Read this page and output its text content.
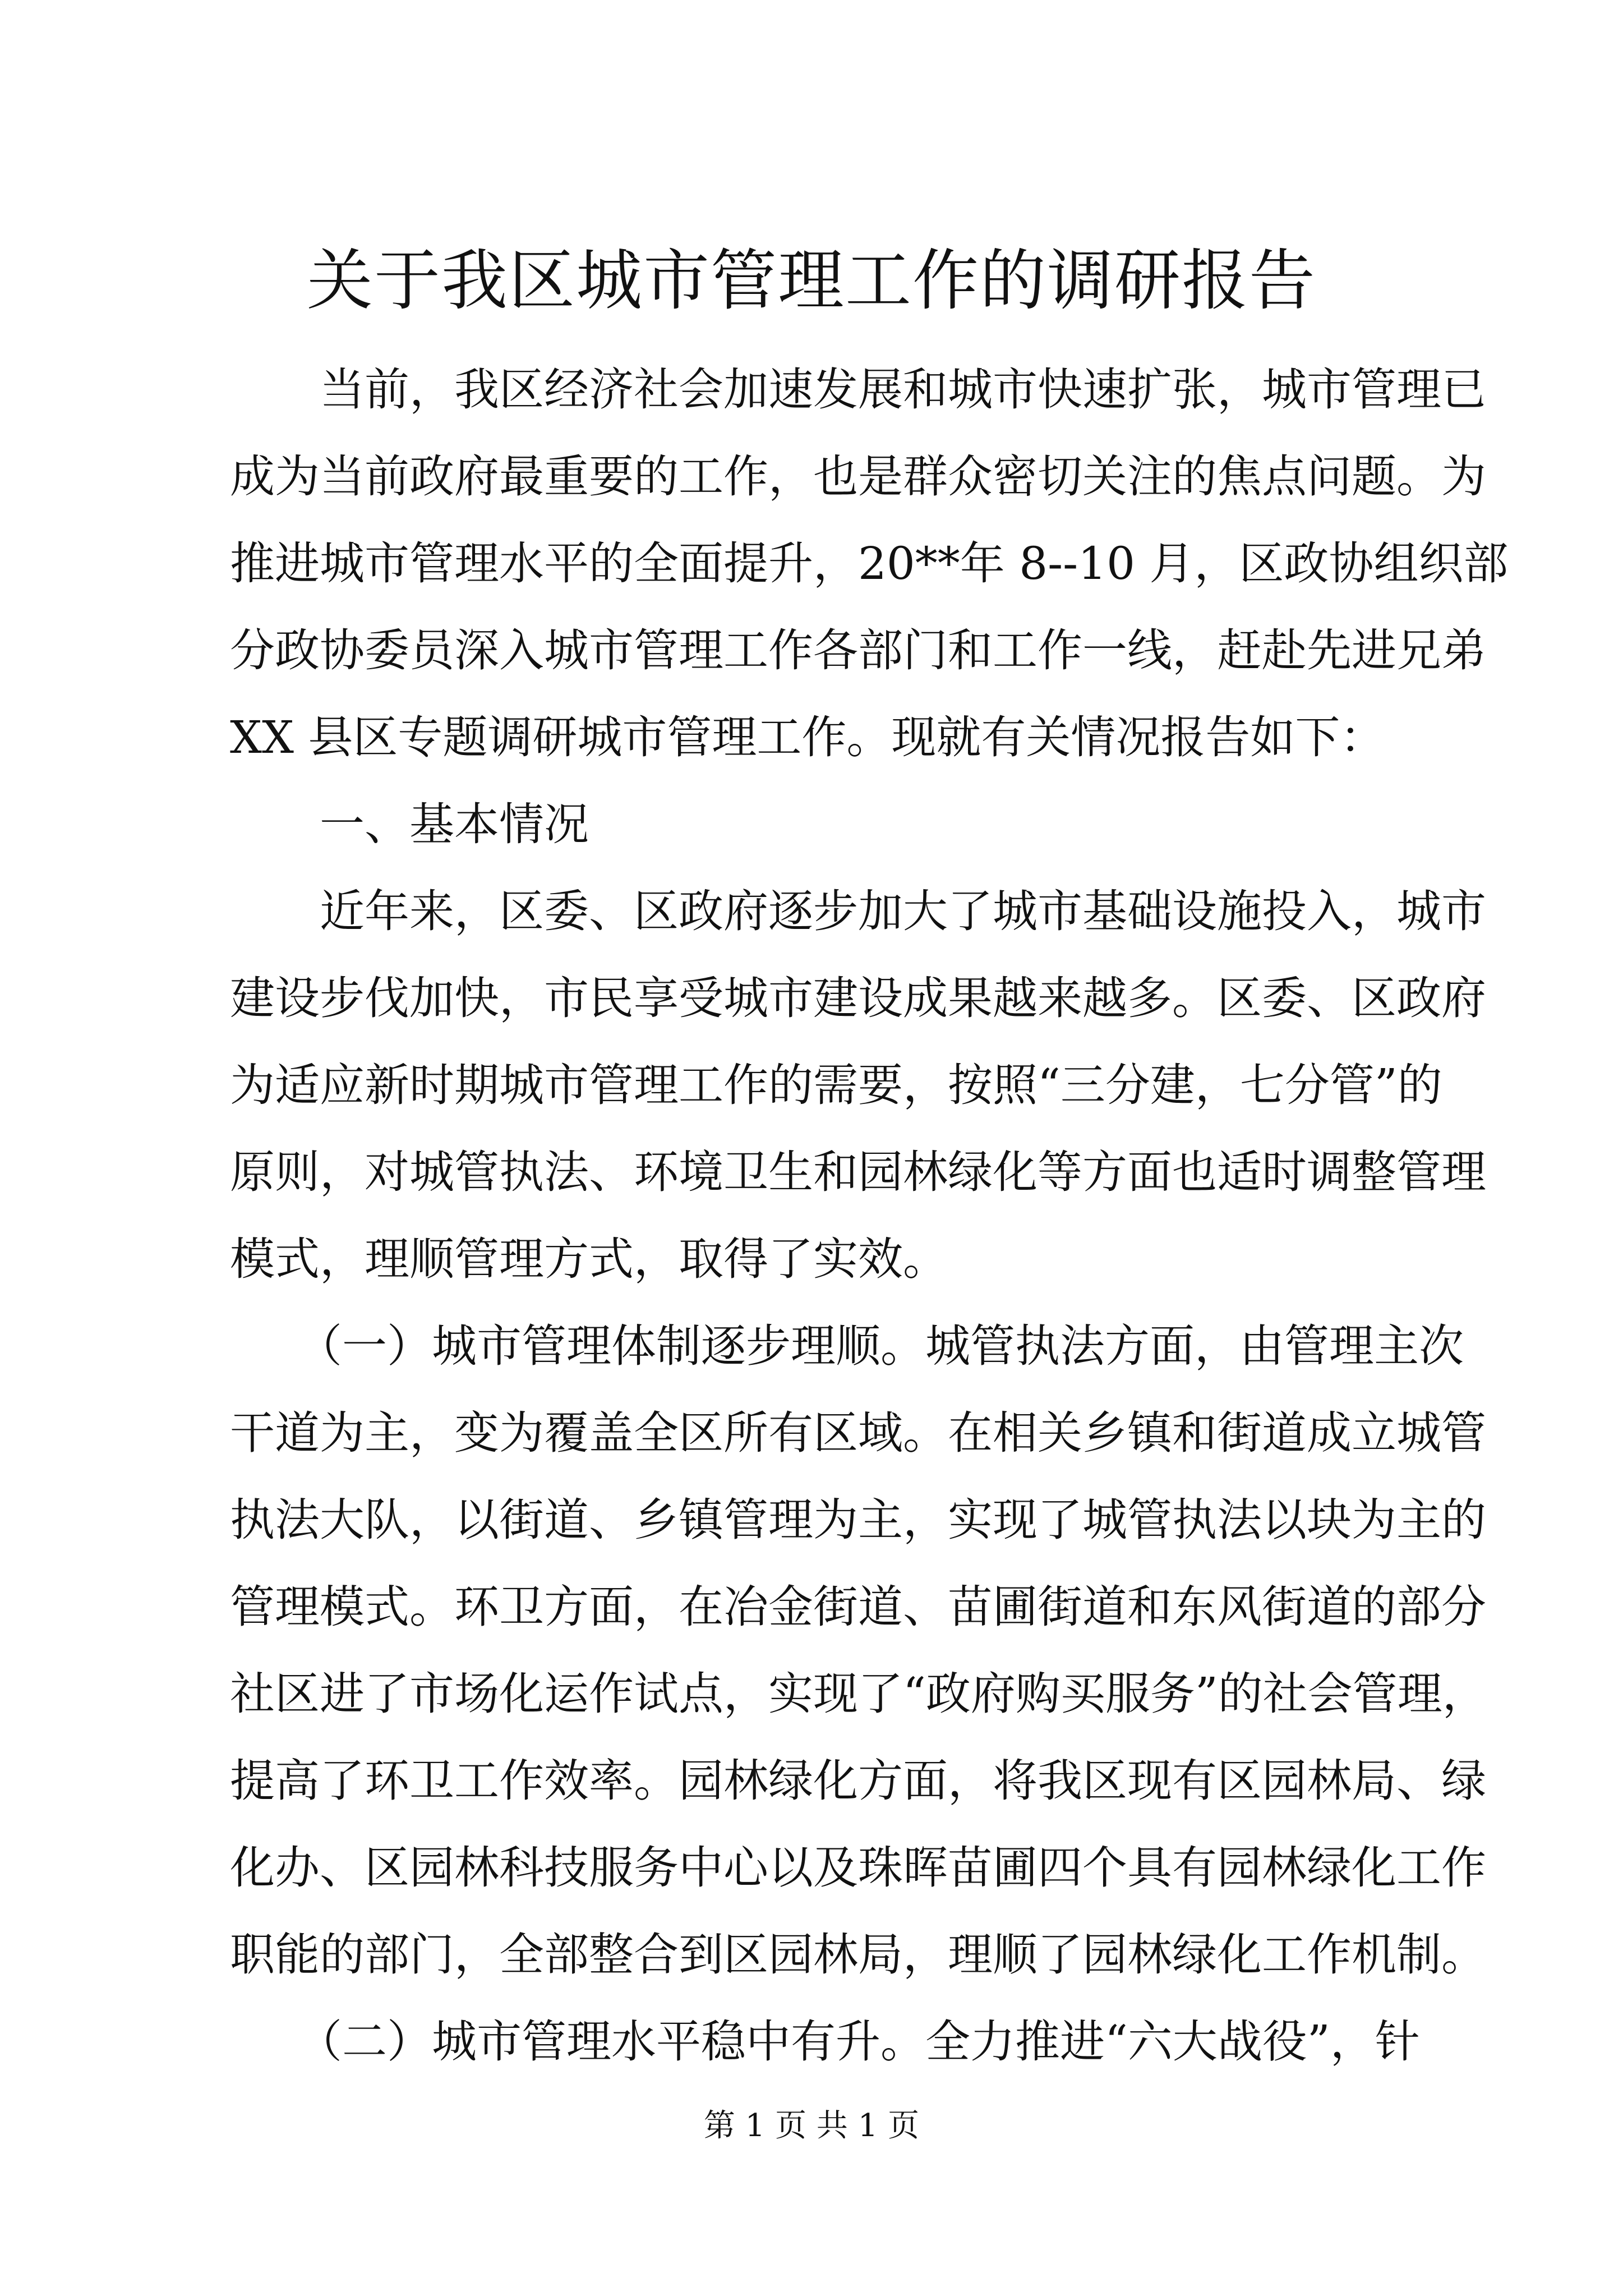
关于我区城市管理工作的调研报告

　　当前，我区经济社会加速发展和城市快速扩张，城市管理已

成为当前政府最重要的工作，也是群众密切关注的焦点问题。为

推进城市管理水平的全面提升，20**年 8--10 月，区政协组织部

分政协委员深入城市管理工作各部门和工作一线，赶赴先进兄弟

XX 县区专题调研城市管理工作。现就有关情况报告如下：

　　一、基本情况

　　近年来，区委、区政府逐步加大了城市基础设施投入，城市

建设步伐加快，市民享受城市建设成果越来越多。区委、区政府

为适应新时期城市管理工作的需要，按照“三分建，七分管”的

原则，对城管执法、环境卫生和园林绿化等方面也适时调整管理

模式，理顺管理方式，取得了实效。

　　（一）城市管理体制逐步理顺。城管执法方面，由管理主次

干道为主，变为覆盖全区所有区域。在相关乡镇和街道成立城管

执法大队，以街道、乡镇管理为主，实现了城管执法以块为主的

管理模式。环卫方面，在冶金街道、苗圃街道和东风街道的部分

社区进了市场化运作试点，实现了“政府购买服务”的社会管理，

提高了环卫工作效率。园林绿化方面，将我区现有区园林局、绿

化办、区园林科技服务中心以及珠晖苗圃四个具有园林绿化工作

职能的部门，全部整合到区园林局，理顺了园林绿化工作机制。

　　（二）城市管理水平稳中有升。全力推进“六大战役”，针

第 1 页 共 1 页
